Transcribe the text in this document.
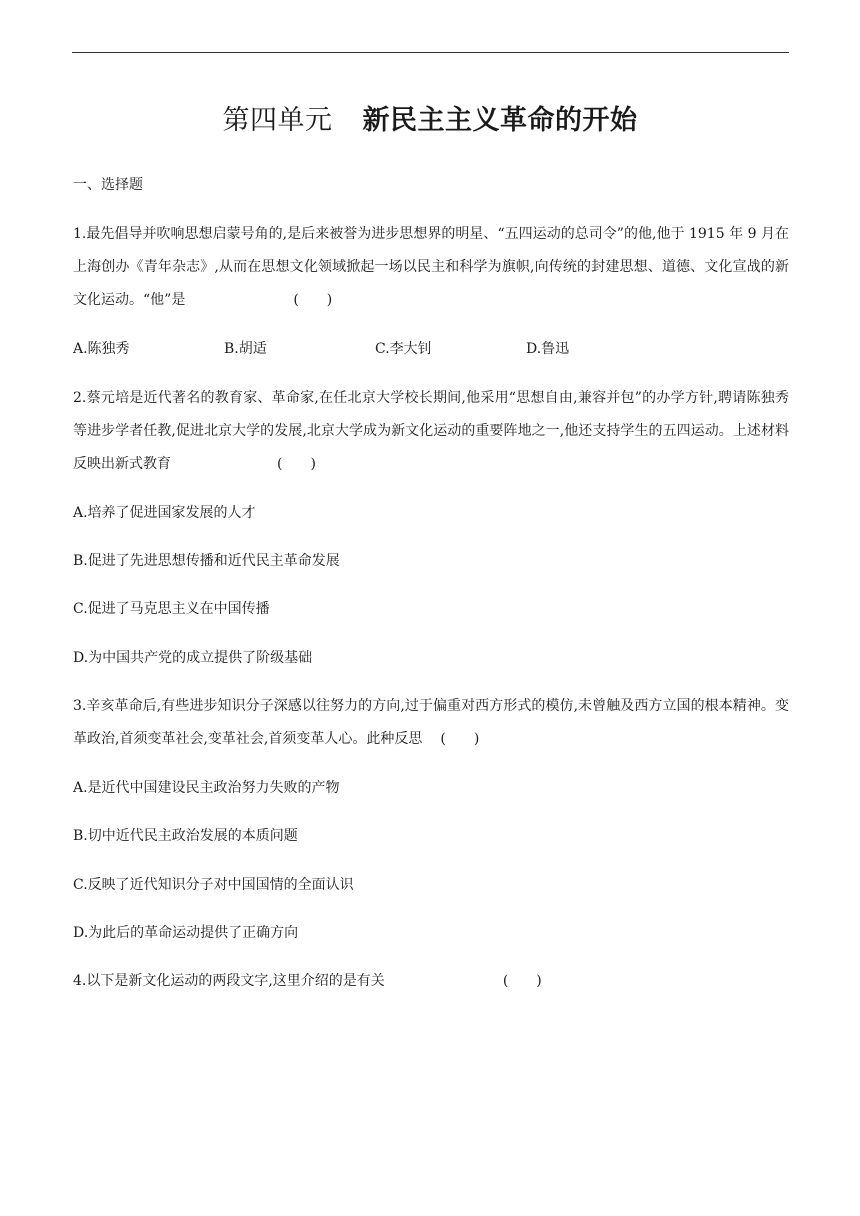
第四单元 新民主主义革命的开始
一、选择题
1.最先倡导并吹响思想启蒙号角的,是后来被誉为进步思想界的明星、“五四运动的总司令”的他,他于 1915 年 9 月在上海创办《青年杂志》,从而在思想文化领域掀起一场以民主和科学为旗帜,向传统的封建思想、道德、文化宣战的新文化运动。“他”是	(　　)
A.陈独秀	B.胡适	C.李大钊	D.鲁迅
2.蔡元培是近代著名的教育家、革命家,在任北京大学校长期间,他采用“思想自由,兼容并包”的办学方针,聘请陈独秀等进步学者任教,促进北京大学的发展,北京大学成为新文化运动的重要阵地之一,他还支持学生的五四运动。上述材料反映出新式教育	(　　)
A.培养了促进国家发展的人才
B.促进了先进思想传播和近代民主革命发展
C.促进了马克思主义在中国传播
D.为中国共产党的成立提供了阶级基础
3.辛亥革命后,有些进步知识分子深感以往努力的方向,过于偏重对西方形式的模仿,未曾触及西方立国的根本精神。变革政治,首须变革社会,变革社会,首须变革人心。此种反思 (　　)
A.是近代中国建设民主政治努力失败的产物
B.切中近代民主政治发展的本质问题
C.反映了近代知识分子对中国国情的全面认识
D.为此后的革命运动提供了正确方向
4.以下是新文化运动的两段文字,这里介绍的是有关	(　　)
